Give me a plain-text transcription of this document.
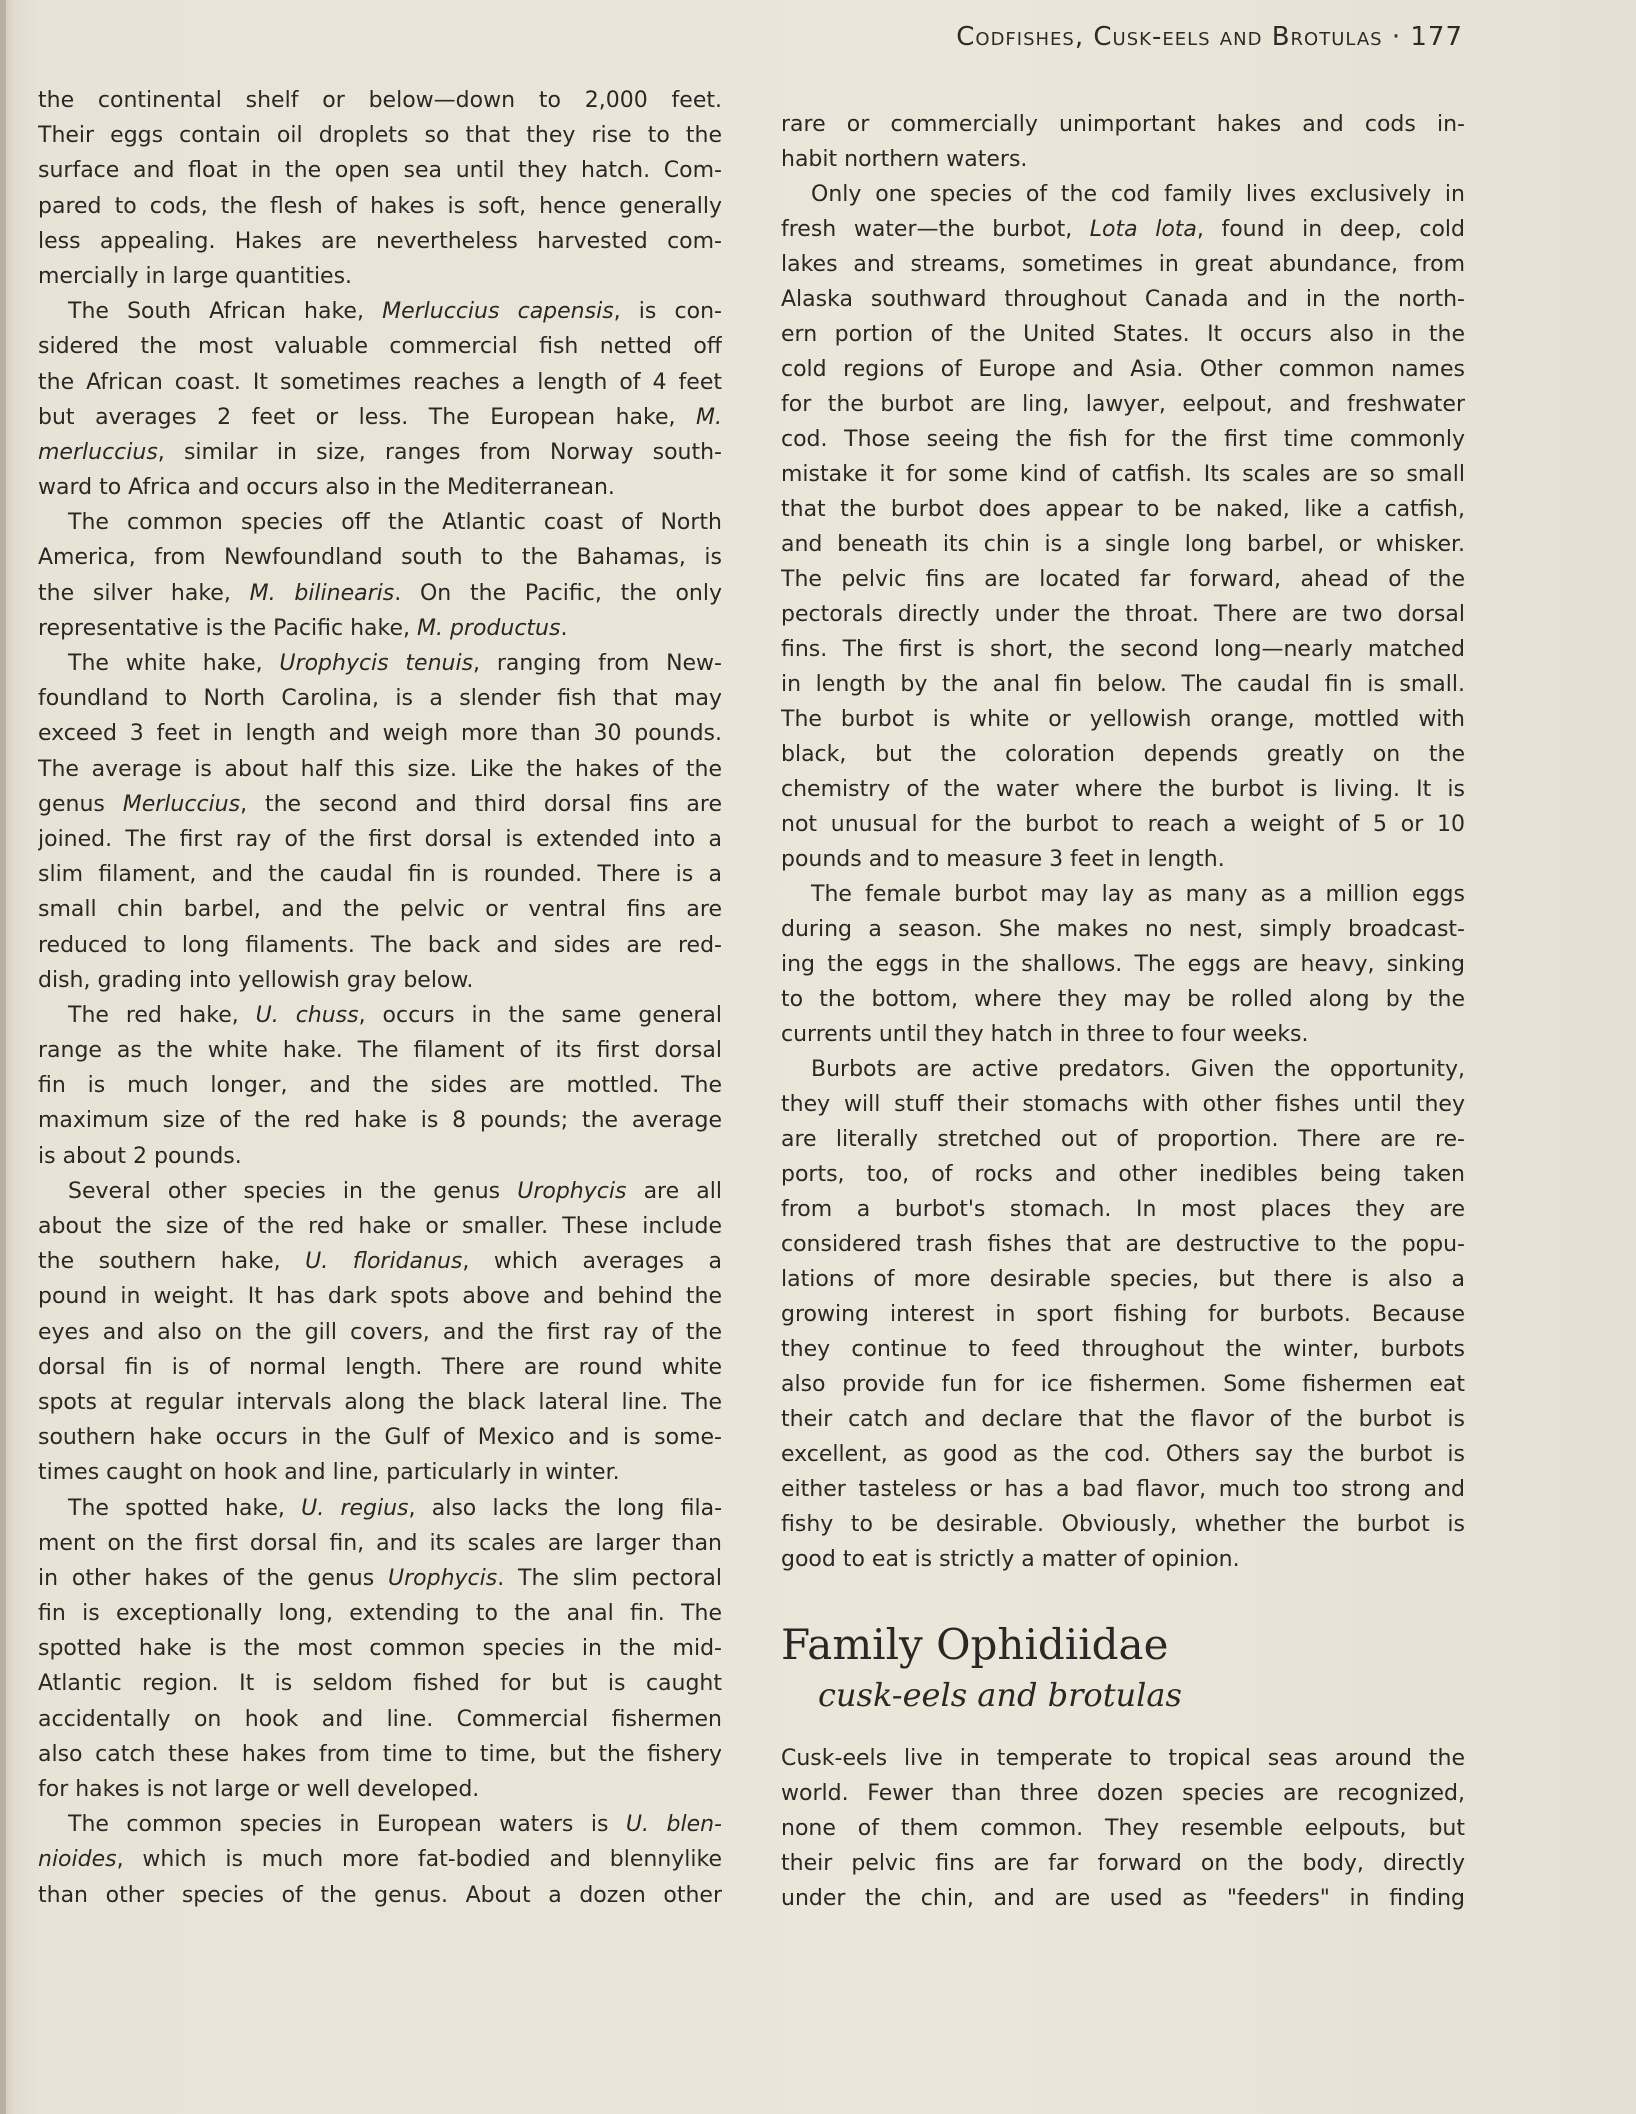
Codfishes, Cusk-eels and Brotulas · 177
the continental shelf or below—down to 2,000 feet.
Their eggs contain oil droplets so that they rise to the
surface and float in the open sea until they hatch. Com-
pared to cods, the flesh of hakes is soft, hence generally
less appealing. Hakes are nevertheless harvested com-
mercially in large quantities.
The South African hake, Merluccius capensis, is con-
sidered the most valuable commercial fish netted off
the African coast. It sometimes reaches a length of 4 feet
but averages 2 feet or less. The European hake, M.
merluccius, similar in size, ranges from Norway south-
ward to Africa and occurs also in the Mediterranean.
The common species off the Atlantic coast of North
America, from Newfoundland south to the Bahamas, is
the silver hake, M. bilinearis. On the Pacific, the only
representative is the Pacific hake, M. productus.
The white hake, Urophycis tenuis, ranging from New-
foundland to North Carolina, is a slender fish that may
exceed 3 feet in length and weigh more than 30 pounds.
The average is about half this size. Like the hakes of the
genus Merluccius, the second and third dorsal fins are
joined. The first ray of the first dorsal is extended into a
slim filament, and the caudal fin is rounded. There is a
small chin barbel, and the pelvic or ventral fins are
reduced to long filaments. The back and sides are red-
dish, grading into yellowish gray below.
The red hake, U. chuss, occurs in the same general
range as the white hake. The filament of its first dorsal
fin is much longer, and the sides are mottled. The
maximum size of the red hake is 8 pounds; the average
is about 2 pounds.
Several other species in the genus Urophycis are all
about the size of the red hake or smaller. These include
the southern hake, U. floridanus, which averages a
pound in weight. It has dark spots above and behind the
eyes and also on the gill covers, and the first ray of the
dorsal fin is of normal length. There are round white
spots at regular intervals along the black lateral line. The
southern hake occurs in the Gulf of Mexico and is some-
times caught on hook and line, particularly in winter.
The spotted hake, U. regius, also lacks the long fila-
ment on the first dorsal fin, and its scales are larger than
in other hakes of the genus Urophycis. The slim pectoral
fin is exceptionally long, extending to the anal fin. The
spotted hake is the most common species in the mid-
Atlantic region. It is seldom fished for but is caught
accidentally on hook and line. Commercial fishermen
also catch these hakes from time to time, but the fishery
for hakes is not large or well developed.
The common species in European waters is U. blen-
nioides, which is much more fat-bodied and blennylike
than other species of the genus. About a dozen other
rare or commercially unimportant hakes and cods in-
habit northern waters.
Only one species of the cod family lives exclusively in
fresh water—the burbot, Lota lota, found in deep, cold
lakes and streams, sometimes in great abundance, from
Alaska southward throughout Canada and in the north-
ern portion of the United States. It occurs also in the
cold regions of Europe and Asia. Other common names
for the burbot are ling, lawyer, eelpout, and freshwater
cod. Those seeing the fish for the first time commonly
mistake it for some kind of catfish. Its scales are so small
that the burbot does appear to be naked, like a catfish,
and beneath its chin is a single long barbel, or whisker.
The pelvic fins are located far forward, ahead of the
pectorals directly under the throat. There are two dorsal
fins. The first is short, the second long—nearly matched
in length by the anal fin below. The caudal fin is small.
The burbot is white or yellowish orange, mottled with
black, but the coloration depends greatly on the
chemistry of the water where the burbot is living. It is
not unusual for the burbot to reach a weight of 5 or 10
pounds and to measure 3 feet in length.
The female burbot may lay as many as a million eggs
during a season. She makes no nest, simply broadcast-
ing the eggs in the shallows. The eggs are heavy, sinking
to the bottom, where they may be rolled along by the
currents until they hatch in three to four weeks.
Burbots are active predators. Given the opportunity,
they will stuff their stomachs with other fishes until they
are literally stretched out of proportion. There are re-
ports, too, of rocks and other inedibles being taken
from a burbot's stomach. In most places they are
considered trash fishes that are destructive to the popu-
lations of more desirable species, but there is also a
growing interest in sport fishing for burbots. Because
they continue to feed throughout the winter, burbots
also provide fun for ice fishermen. Some fishermen eat
their catch and declare that the flavor of the burbot is
excellent, as good as the cod. Others say the burbot is
either tasteless or has a bad flavor, much too strong and
fishy to be desirable. Obviously, whether the burbot is
good to eat is strictly a matter of opinion.
Family Ophidiidae
cusk-eels and brotulas
Cusk-eels live in temperate to tropical seas around the
world. Fewer than three dozen species are recognized,
none of them common. They resemble eelpouts, but
their pelvic fins are far forward on the body, directly
under the chin, and are used as "feeders" in finding
